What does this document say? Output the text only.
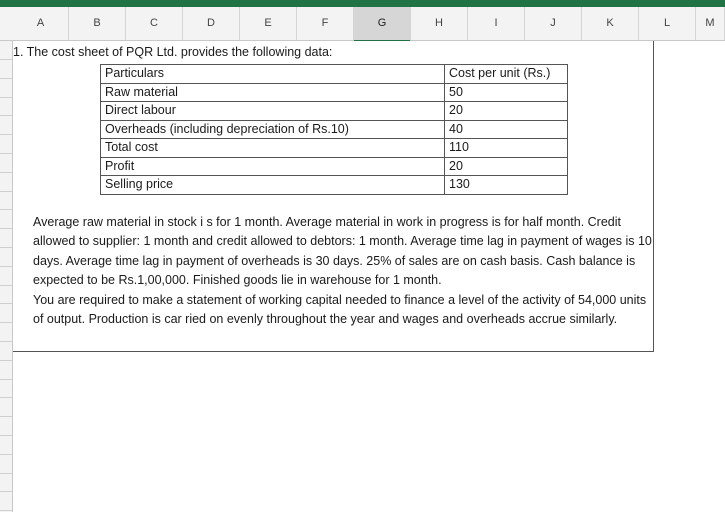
A	B	C	D	E	F	G	H	I	J	K	L	M
1. The cost sheet of PQR Ltd. provides the following data:
Particulars	Cost per unit (Rs.)
Raw material	50
Direct labour	20
Overheads (including depreciation of Rs.10)	40
Total cost	110
Profit	20
Selling price	130

Average raw material in stock i s for 1 month. Average material in work in progress is for half month. Credit allowed to supplier: 1 month and credit allowed to debtors: 1 month. Average time lag in payment of wages is 10 days. Average time lag in payment of overheads is 30 days. 25% of sales are on cash basis. Cash balance is expected to be Rs.1,00,000. Finished goods lie in warehouse for 1 month.

You are required to make a statement of working capital needed to finance a level of the activity of 54,000 units of output. Production is car ried on evenly throughout the year and wages and overheads accrue similarly.
